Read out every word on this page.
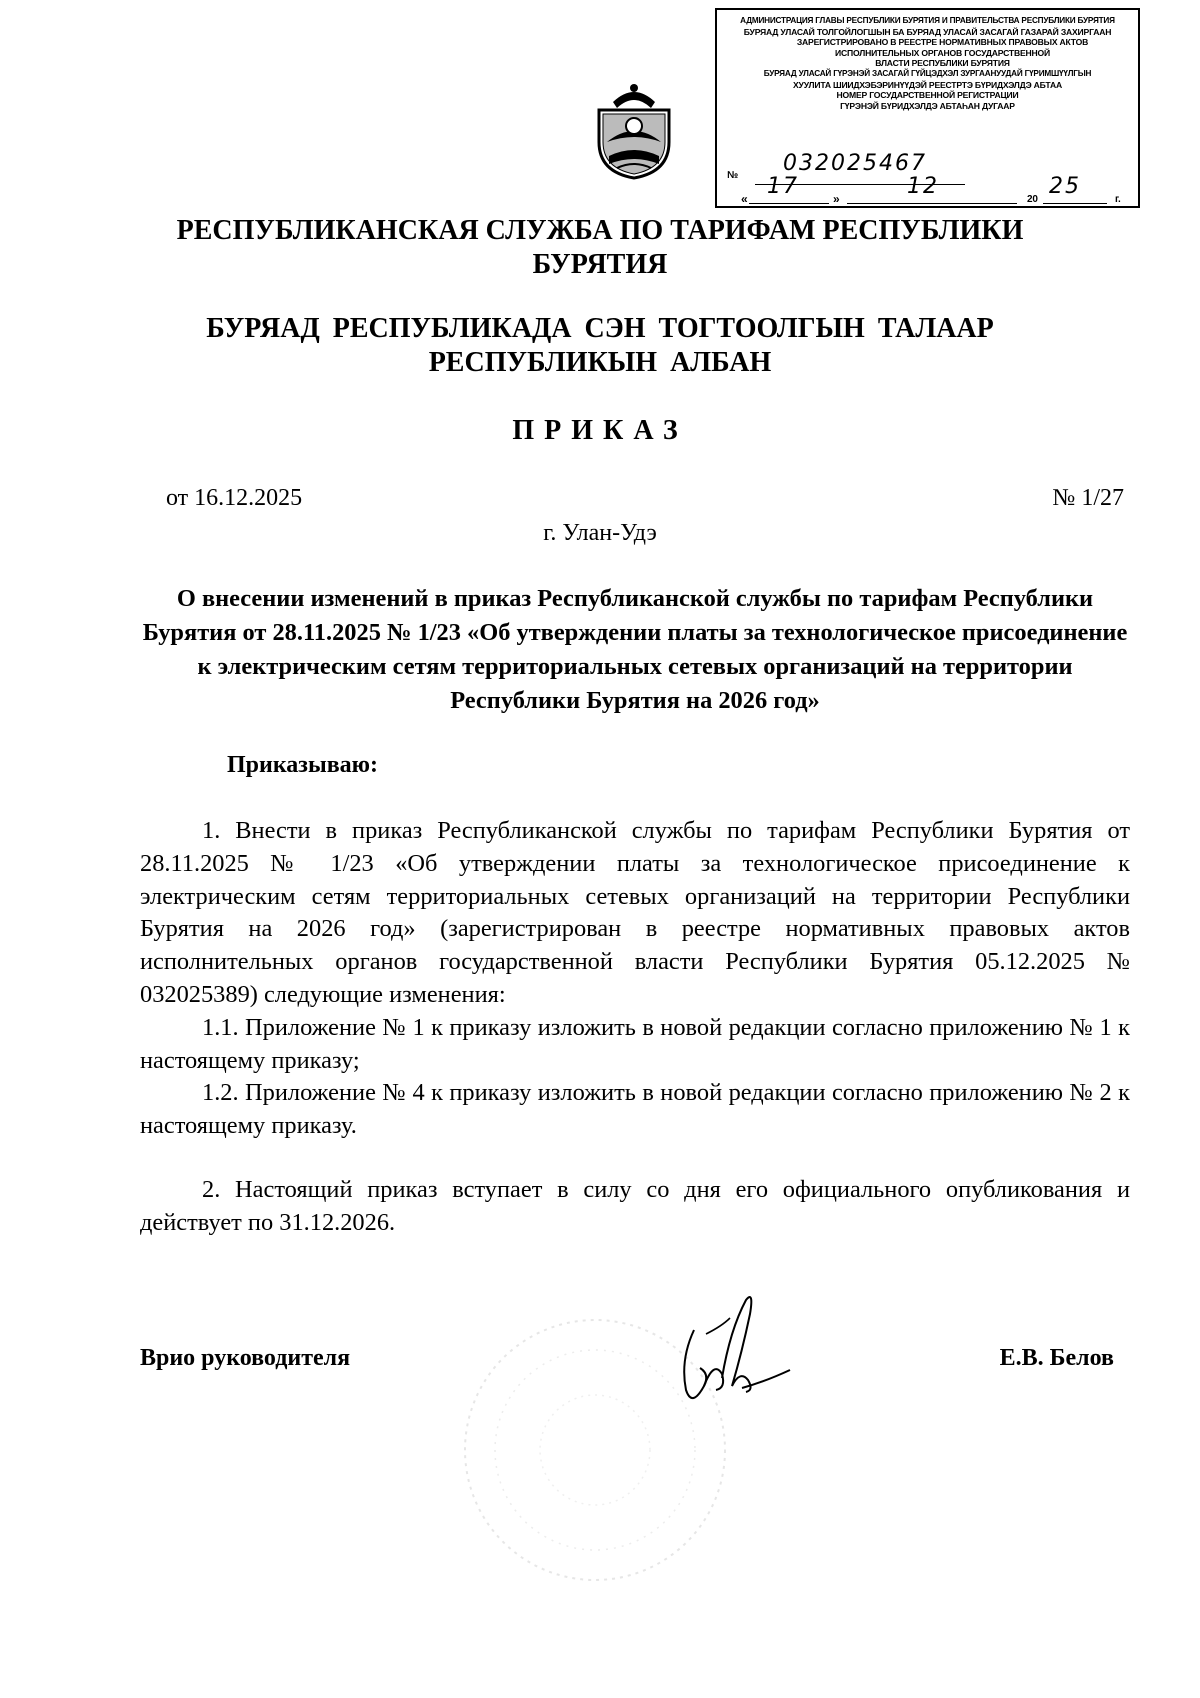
АДМИНИСТРАЦИЯ ГЛАВЫ РЕСПУБЛИКИ БУРЯТИЯ И ПРАВИТЕЛЬСТВА РЕСПУБЛИКИ БУРЯТИЯ
БУРЯАД УЛАСАЙ ТОЛГОЙЛОГШЫН БА БУРЯАД УЛАСАЙ ЗАСАГАЙ ГАЗАРАЙ ЗАХИРГААН
ЗАРЕГИСТРИРОВАНО В РЕЕСТРЕ НОРМАТИВНЫХ ПРАВОВЫХ АКТОВ
ИСПОЛНИТЕЛЬНЫХ ОРГАНОВ ГОСУДАРСТВЕННОЙ
ВЛАСТИ РЕСПУБЛИКИ БУРЯТИЯ
БУРЯАД УЛАСАЙ ГҮРЭНЭЙ ЗАСАГАЙ ГҮЙЦЭДХЭЛ ЗУРГААНУУДАЙ ГҮРИМШҮҮЛГЫН
ХУУЛИТА ШИИДХЭБЭРИНҮҮДЭЙ РЕЕСТРТЭ БҮРИДХЭЛДЭ АБТАА
НОМЕР ГОСУДАРСТВЕННОЙ РЕГИСТРАЦИИ
ГҮРЭНЭЙ БҮРИДХЭЛДЭ АБТАҺАН ДУГААР
№ 032025467
« 17	»	12
20
25
г.
РЕСПУБЛИКАНСКАЯ СЛУЖБА ПО ТАРИФАМ РЕСПУБЛИКИ БУРЯТИЯ
БУРЯАД РЕСПУБЛИКАДА СЭН ТОГТООЛГЫН ТАЛААР РЕСПУБЛИКЫН АЛБАН
ПРИКАЗ
от 16.12.2025	№ 1/27
г. Улан-Удэ
О внесении изменений в приказ Республиканской службы по тарифам Республики Бурятия от 28.11.2025 № 1/23 «Об утверждении платы за технологическое присоединение к электрическим сетям территориальных сетевых организаций на территории Республики Бурятия на 2026 год»
Приказываю:

1. Внести в приказ Республиканской службы по тарифам Республики Бурятия от 28.11.2025 № 1/23 «Об утверждении платы за технологическое присоединение к электрическим сетям территориальных сетевых организаций на территории Республики Бурятия на 2026 год» (зарегистрирован в реестре нормативных правовых актов исполнительных органов государственной власти Республики Бурятия 05.12.2025 № 032025389) следующие изменения:

1.1. Приложение № 1 к приказу изложить в новой редакции согласно приложению № 1 к настоящему приказу;

1.2. Приложение № 4 к приказу изложить в новой редакции согласно приложению № 2 к настоящему приказу.

2. Настоящий приказ вступает в силу со дня его официального опубликования и действует по 31.12.2026.

Врио руководителя	Е.В. Белов
